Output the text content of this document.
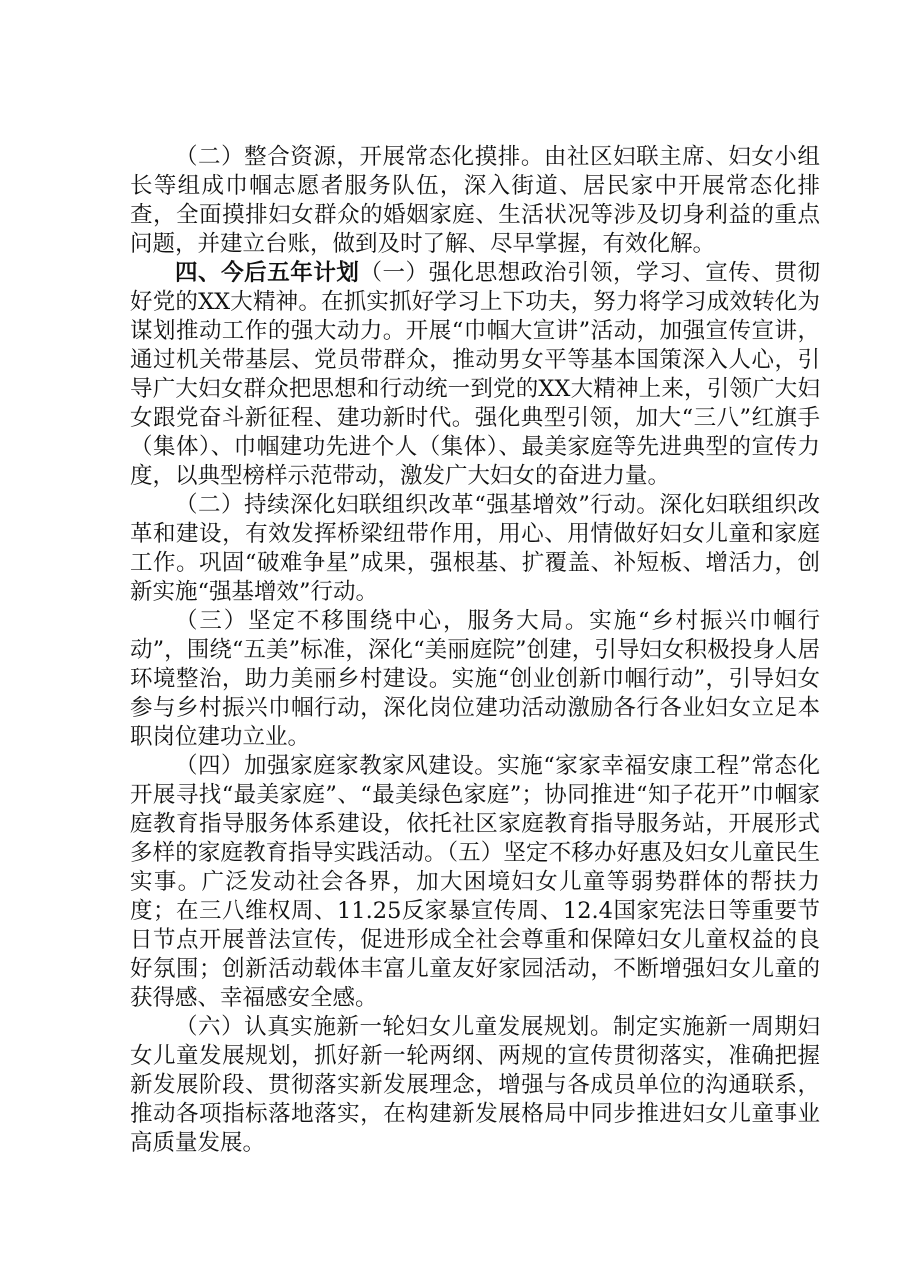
（二）整合资源，开展常态化摸排。由社区妇联主席、妇女小组长等组成巾帼志愿者服务队伍，深入街道、居民家中开展常态化排查，全面摸排妇女群众的婚姻家庭、生活状况等涉及切身利益的重点问题，并建立台账，做到及时了解、尽早掌握，有效化解。

四、今后五年计划（一）强化思想政治引领，学习、宣传、贯彻好党的XX大精神。在抓实抓好学习上下功夫，努力将学习成效转化为谋划推动工作的强大动力。开展“巾帼大宣讲”活动，加强宣传宣讲，通过机关带基层、党员带群众，推动男女平等基本国策深入人心，引导广大妇女群众把思想和行动统一到党的XX大精神上来，引领广大妇女跟党奋斗新征程、建功新时代。强化典型引领，加大“三八”红旗手（集体）、巾帼建功先进个人（集体）、最美家庭等先进典型的宣传力度，以典型榜样示范带动，激发广大妇女的奋进力量。

（二）持续深化妇联组织改革“强基增效”行动。深化妇联组织改革和建设，有效发挥桥梁纽带作用，用心、用情做好妇女儿童和家庭工作。巩固“破难争星”成果，强根基、扩覆盖、补短板、增活力，创新实施“强基增效”行动。

（三）坚定不移围绕中心，服务大局。实施“乡村振兴巾帼行动”，围绕“五美”标准，深化“美丽庭院”创建，引导妇女积极投身人居环境整治，助力美丽乡村建设。实施“创业创新巾帼行动”，引导妇女参与乡村振兴巾帼行动，深化岗位建功活动激励各行各业妇女立足本职岗位建功立业。

（四）加强家庭家教家风建设。实施“家家幸福安康工程”常态化开展寻找“最美家庭”、“最美绿色家庭”；协同推进“知子花开”巾帼家庭教育指导服务体系建设，依托社区家庭教育指导服务站，开展形式多样的家庭教育指导实践活动。（五）坚定不移办好惠及妇女儿童民生实事。广泛发动社会各界，加大困境妇女儿童等弱势群体的帮扶力度；在三八维权周、11.25反家暴宣传周、12.4国家宪法日等重要节日节点开展普法宣传，促进形成全社会尊重和保障妇女儿童权益的良好氛围；创新活动载体丰富儿童友好家园活动，不断增强妇女儿童的获得感、幸福感安全感。

（六）认真实施新一轮妇女儿童发展规划。制定实施新一周期妇女儿童发展规划，抓好新一轮两纲、两规的宣传贯彻落实，准确把握新发展阶段、贯彻落实新发展理念，增强与各成员单位的沟通联系，推动各项指标落地落实，在构建新发展格局中同步推进妇女儿童事业高质量发展。
